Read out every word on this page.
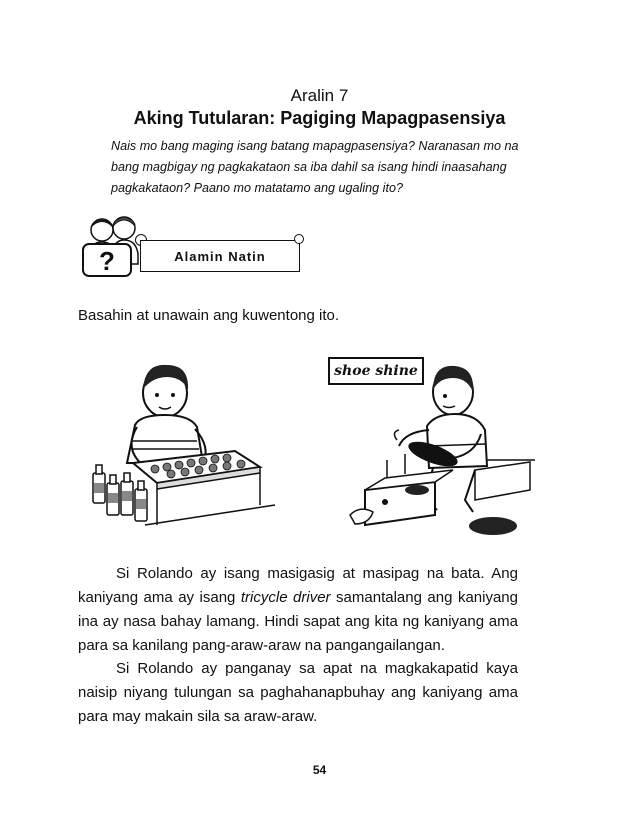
Aralin 7
Aking Tutularan: Pagiging Mapagpasensiya

Nais mo bang maging isang batang mapagpasensiya? Naranasan mo na bang magbigay ng pagkakataon sa iba dahil sa isang hindi inaasahang pagkakataon? Paano mo matatamo ang ugaling ito?

?	Alamin Natin
Basahin at unawain ang kuwentong ito.
shoe shine

Si Rolando ay isang masigasig at masipag na bata. Ang kaniyang ama ay isang tricycle driver samantalang ang kaniyang ina ay nasa bahay lamang. Hindi sapat ang kita ng kaniyang ama para sa kanilang pang-araw-araw na pangangailangan.

Si Rolando ay panganay sa apat na magkakapatid kaya naisip niyang tulungan sa paghahanapbuhay ang kaniyang ama para may makain sila sa araw-araw.

54
